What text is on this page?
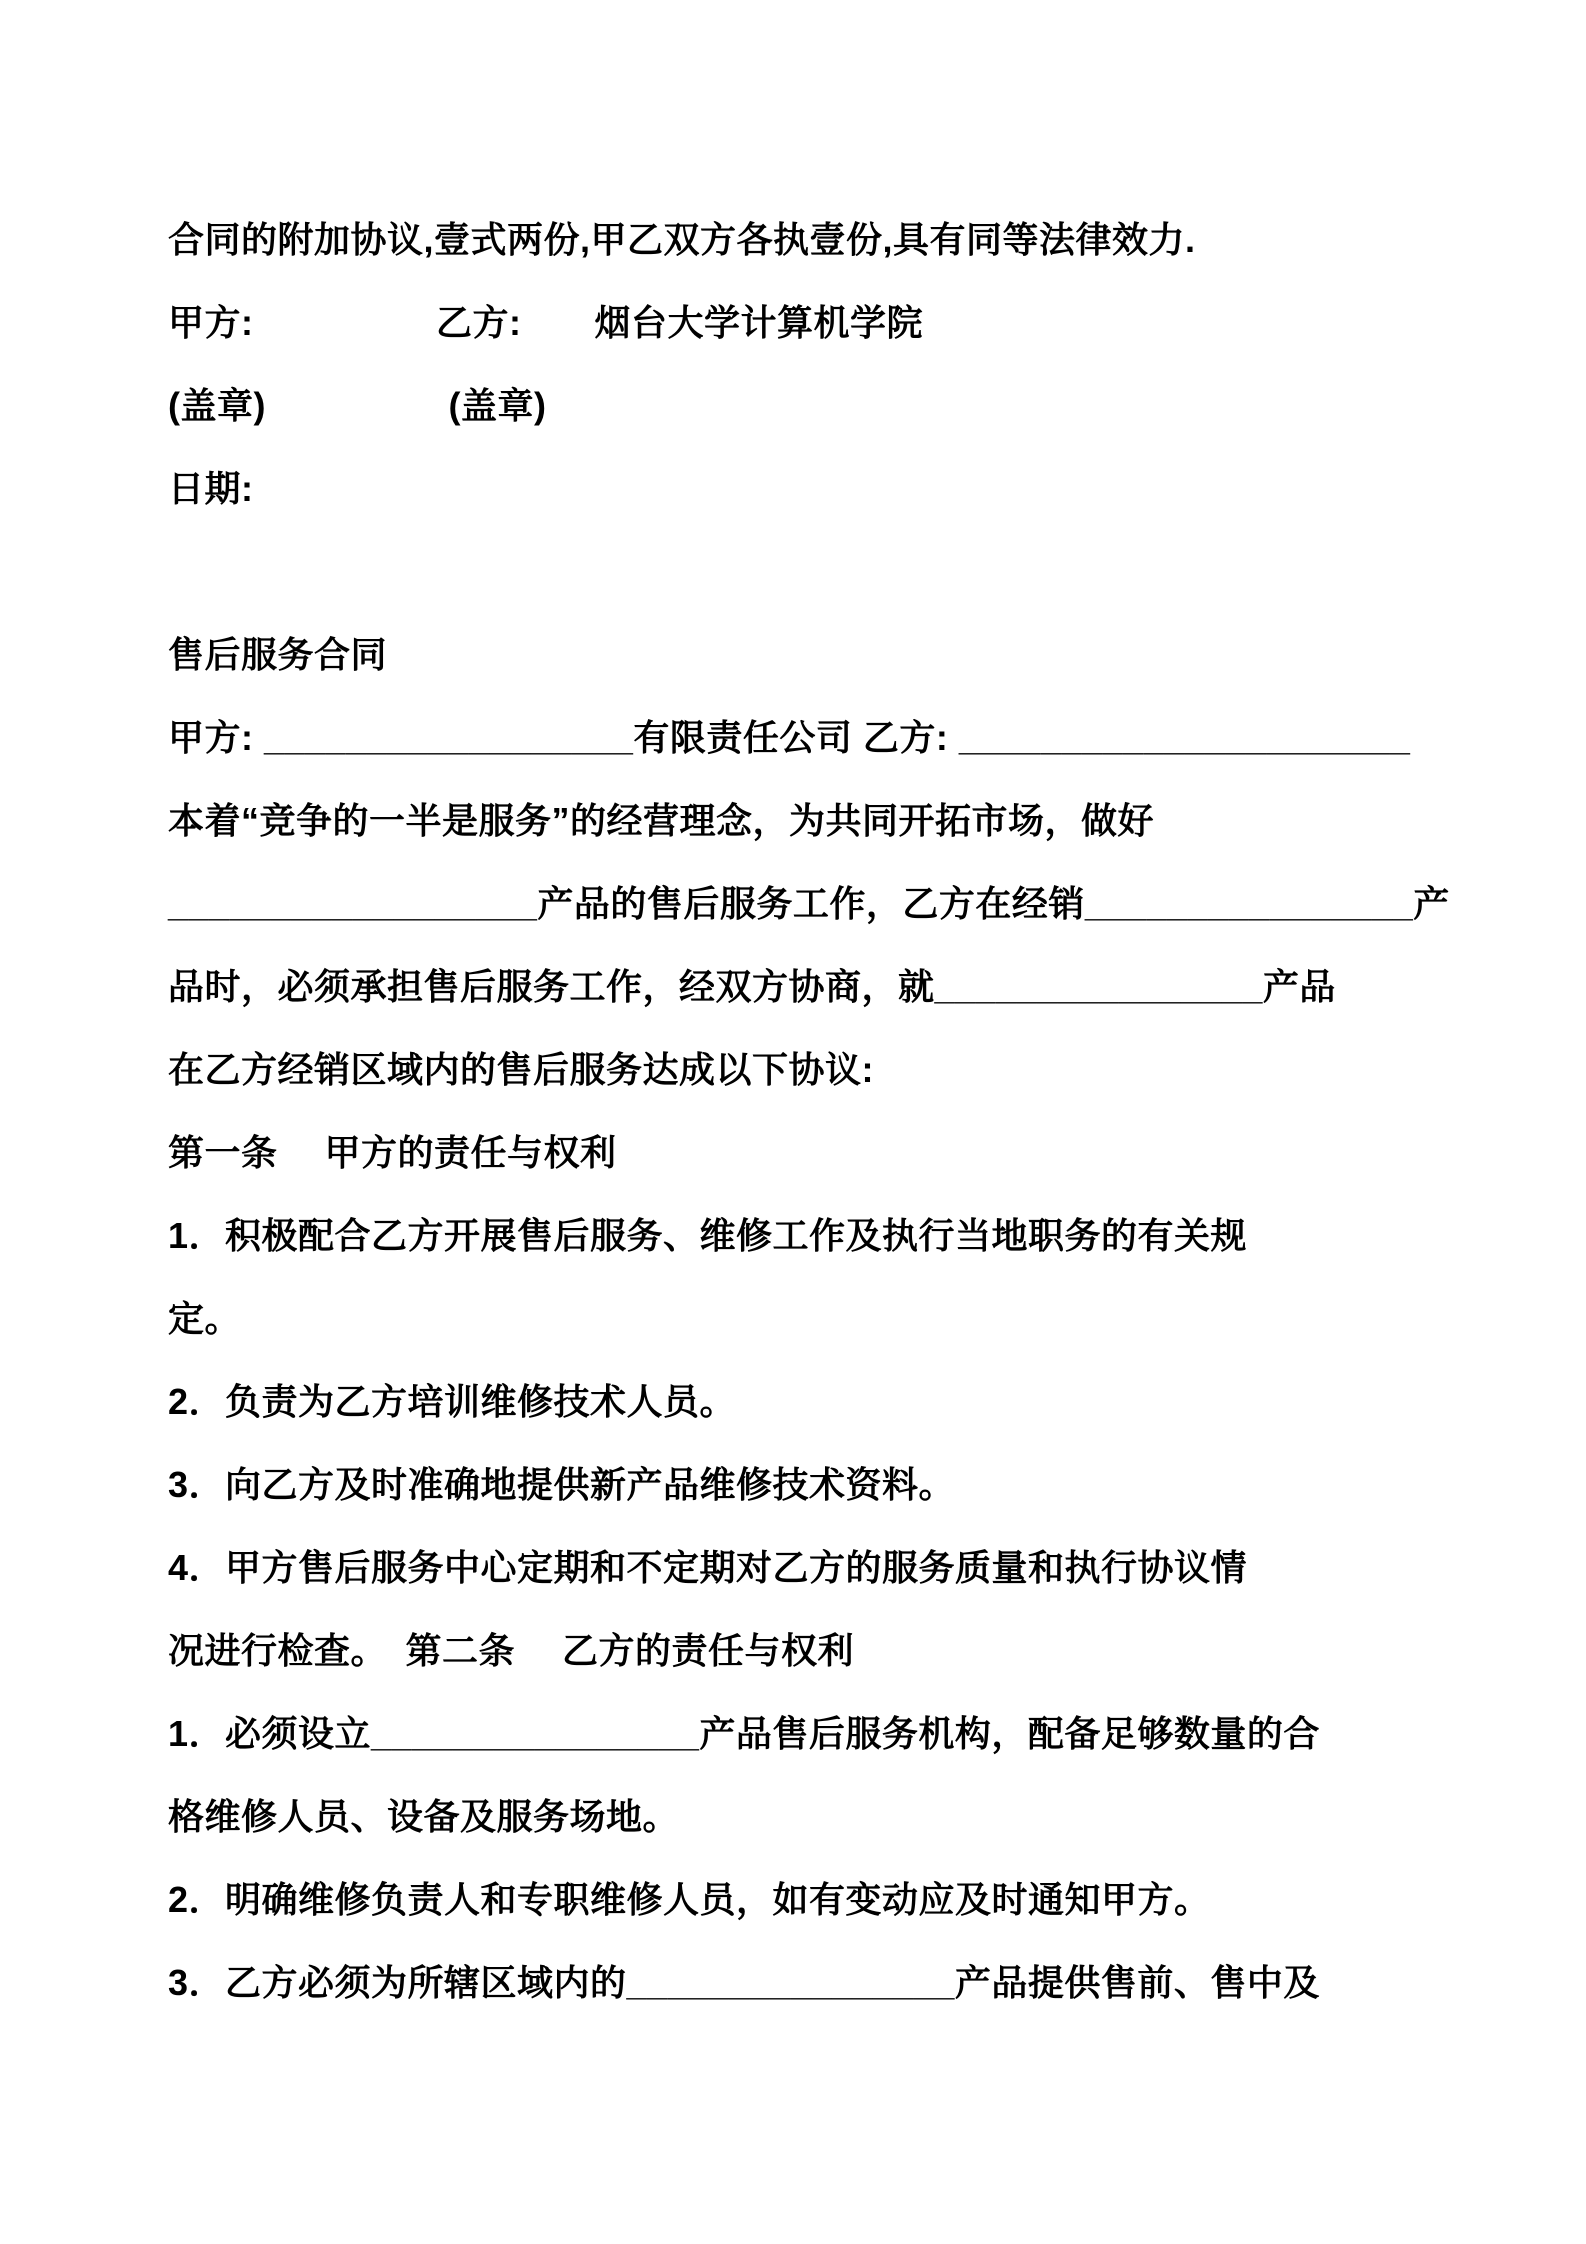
合同的附加协议,壹式两份,甲乙双方各执壹份,具有同等法律效力.
甲方:　　　　　乙方:　　烟台大学计算机学院
(盖章)　　　　　(盖章)
日期:
售后服务合同
甲方: __________________有限责任公司 乙方: ______________________
本着“竞争的一半是服务”的经营理念，为共同开拓市场，做好
__________________产品的售后服务工作，乙方在经销________________产
品时，必须承担售后服务工作，经双方协商，就________________产品
在乙方经销区域内的售后服务达成以下协议:
第一条　 甲方的责任与权利
1．积极配合乙方开展售后服务、维修工作及执行当地职务的有关规
定。
2．负责为乙方培训维修技术人员。
3．向乙方及时准确地提供新产品维修技术资料。
4．甲方售后服务中心定期和不定期对乙方的服务质量和执行协议情
况进行检查。　第二条　 乙方的责任与权利
1．必须设立________________产品售后服务机构，配备足够数量的合
格维修人员、设备及服务场地。
2．明确维修负责人和专职维修人员，如有变动应及时通知甲方。
3．乙方必须为所辖区域内的________________产品提供售前、售中及
